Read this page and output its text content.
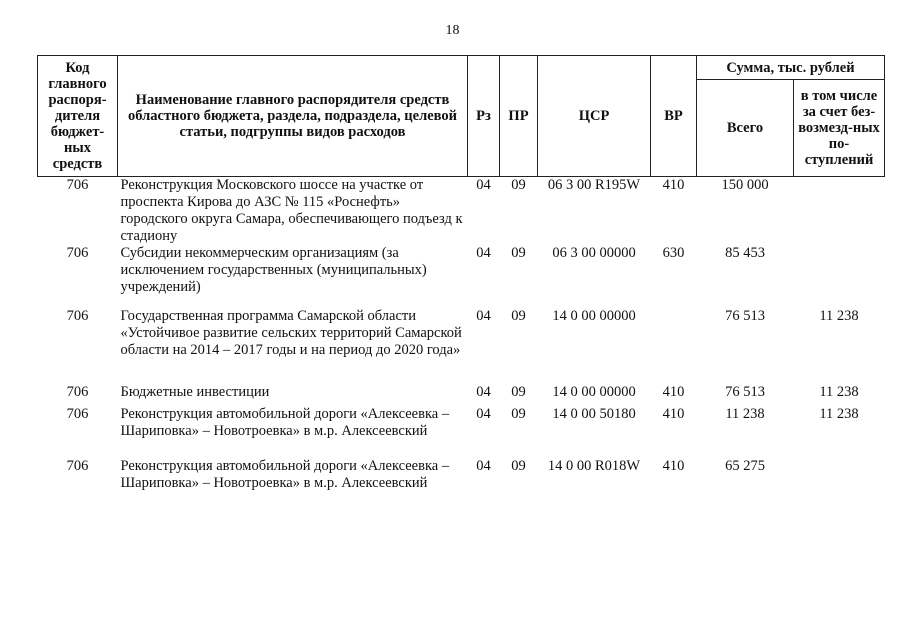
18
Код главного распоря-дителя бюджет-ных средств	Наименование главного распорядителя средств областного бюджета, раздела, подраздела, целевой статьи, подгруппы видов расходов	Рз	ПР	ЦСР	ВР	Сумма, тыс. рублей	
						Всего	в том числе за счет без-возмезд-ных по-ступлений
706	Реконструкция Московского шоссе на участке от проспекта Кирова до АЗС № 115 «Роснефть» городского округа Самара, обеспечивающего подъезд к стадиону	04	09	06 3 00 R195W	410	150 000	
706	Субсидии некоммерческим организациям (за исключением государственных (муниципальных) учреждений)	04	09	06 3 00 00000	630	85 453	
706	Государственная программа Самарской области «Устойчивое развитие сельских территорий Самарской области на 2014 – 2017 годы и на период до 2020 года»	04	09	14 0 00 00000		76 513	11 238
706	Бюджетные инвестиции	04	09	14 0 00 00000	410	76 513	11 238
706	Реконструкция автомобильной дороги «Алексеевка – Шариповка» – Новотроевка» в м.р. Алексеевский	04	09	14 0 00 50180	410	11 238	11 238
706	Реконструкция автомобильной дороги «Алексеевка – Шариповка» – Новотроевка» в м.р. Алексеевский	04	09	14 0 00 R018W	410	65 275	
